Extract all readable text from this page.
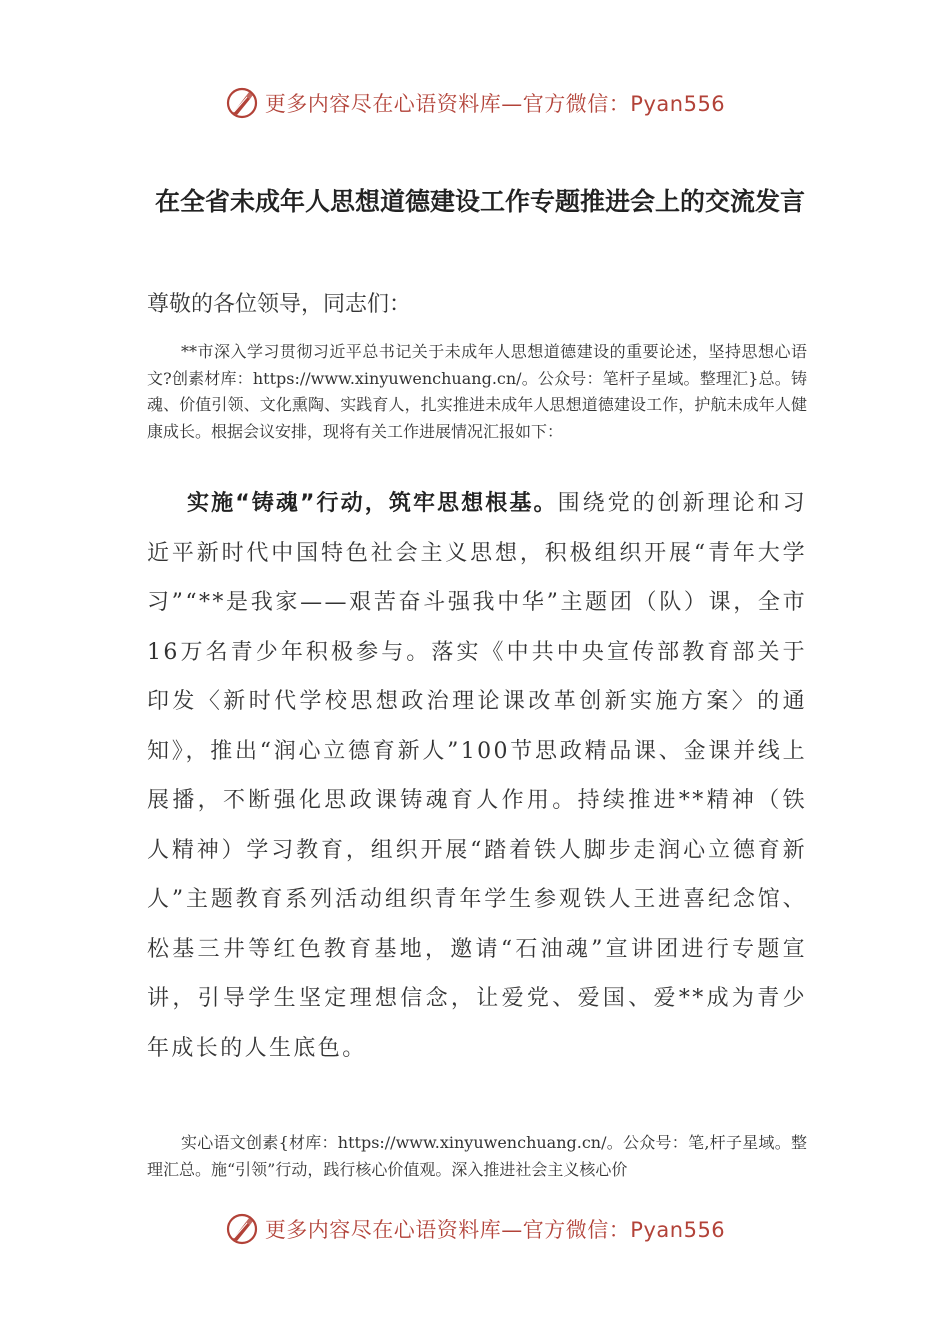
更多内容尽在心语资料库—官方微信：Pyan556
在全省未成年人思想道德建设工作专题推进会上的交流发言

尊敬的各位领导，同志们：

**市深入学习贯彻习近平总书记关于未成年人思想道德建设的重要论述，坚持思想心语文?创素材库：https://www.xinyuwenchuang.cn/。公众号：笔杆子星域。整理汇}总。铸魂、价值引领、文化熏陶、实践育人，扎实推进未成年人思想道德建设工作，护航未成年人健康成长。根据会议安排，现将有关工作进展情况汇报如下：

实施“铸魂”行动，筑牢思想根基。围绕党的创新理论和习近平新时代中国特色社会主义思想，积极组织开展“青年大学习”“**是我家——艰苦奋斗强我中华”主题团（队）课，全市16万名青少年积极参与。落实《中共中央宣传部教育部关于印发〈新时代学校思想政治理论课改革创新实施方案〉的通知》，推出“润心立德育新人”100节思政精品课、金课并线上展播，不断强化思政课铸魂育人作用。持续推进**精神（铁人精神）学习教育，组织开展“踏着铁人脚步走润心立德育新人”主题教育系列活动组织青年学生参观铁人王进喜纪念馆、松基三井等红色教育基地，邀请“石油魂”宣讲团进行专题宣讲，引导学生坚定理想信念，让爱党、爱国、爱**成为青少年成长的人生底色。

实心语文创素{材库：https://www.xinyuwenchuang.cn/。公众号：笔,杆子星域。整理汇总。施“引领”行动，践行核心价值观。深入推进社会主义核心价

更多内容尽在心语资料库—官方微信：Pyan556
